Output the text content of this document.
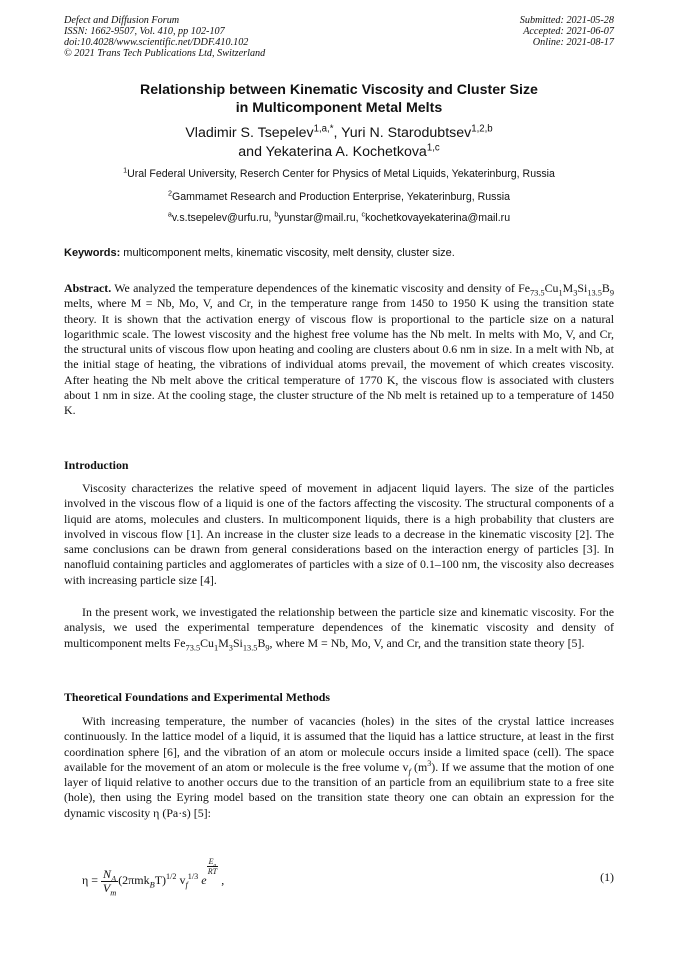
Defect and Diffusion Forum
ISSN: 1662-9507, Vol. 410, pp 102-107
doi:10.4028/www.scientific.net/DDF.410.102
© 2021 Trans Tech Publications Ltd, Switzerland
Submitted: 2021-05-28
Accepted: 2021-06-07
Online: 2021-08-17
Relationship between Kinematic Viscosity and Cluster Size
in Multicomponent Metal Melts
Vladimir S. Tsepelev$^{1,a,*}$, Yuri N. Starodubtsev$^{1,2,b}$
and Yekaterina A. Kochetkova$^{1,c}$
$^1$Ural Federal University, Reserch Center for Physics of Metal Liquids, Yekaterinburg, Russia
$^2$Gammamet Research and Production Enterprise, Yekaterinburg, Russia
$^a$v.s.tsepelev@urfu.ru, $^b$yunstar@mail.ru, $^c$kochetkovayekaterina@mail.ru
Keywords: multicomponent melts, kinematic viscosity, melt density, cluster size.
Abstract. We analyzed the temperature dependences of the kinematic viscosity and density of $Fe_{73.5}Cu_1M_3Si_{13.5}B_9$ melts, where M = Nb, Mo, V, and Cr, in the temperature range from 1450 to 1950 K using the transition state theory. It is shown that the activation energy of viscous flow is proportional to the particle size on a natural logarithmic scale. The lowest viscosity and the highest free volume has the Nb melt. In melts with Mo, V, and Cr, the structural units of viscous flow upon heating and cooling are clusters about 0.6 nm in size. In a melt with Nb, at the initial stage of heating, the vibrations of individual atoms prevail, the movement of which creates viscosity. After heating the Nb melt above the critical temperature of 1770 K, the viscous flow is associated with clusters about 1 nm in size. At the cooling stage, the cluster structure of the Nb melt is retained up to a temperature of 1450 K.
Introduction
Viscosity characterizes the relative speed of movement in adjacent liquid layers. The size of the particles involved in the viscous flow of a liquid is one of the factors affecting the viscosity. The structural components of a liquid are atoms, molecules and clusters. In multicomponent liquids, there is a high probability that clusters are involved in viscous flow [1]. An increase in the cluster size leads to a decrease in the kinematic viscosity [2]. The same conclusions can be drawn from general considerations based on the interaction energy of particles [3]. In nanofluid containing particles and agglomerates of particles with a size of 0.1–100 nm, the viscosity also decreases with increasing particle size [4].
In the present work, we investigated the relationship between the particle size and kinematic viscosity. For the analysis, we used the experimental temperature dependences of the kinematic viscosity and density of multicomponent melts $Fe_{73.5}Cu_1M_3Si_{13.5}B_9$, where M = Nb, Mo, V, and Cr, and the transition state theory [5].
Theoretical Foundations and Experimental Methods
With increasing temperature, the number of vacancies (holes) in the sites of the crystal lattice increases continuously. In the lattice model of a liquid, it is assumed that the liquid has a lattice structure, at least in the first coordination sphere [6], and the vibration of an atom or molecule occurs inside a limited space (cell). The space available for the movement of an atom or molecule is the free volume $v_f$ $(m^3)$. If we assume that the motion of one layer of liquid relative to another occurs due to the transition of an particle from an equilibrium state to a free site (hole), then using the Eyring model based on the transition state theory one can obtain an expression for the dynamic viscosity η (Pa·s) [5]:
$\eta = \frac{N_A}{V_m} (2\pi mk_BT)^{1/2}$ $v_f^{1/3}$ e
$\frac{E_a}{RT}$
,	(1)
